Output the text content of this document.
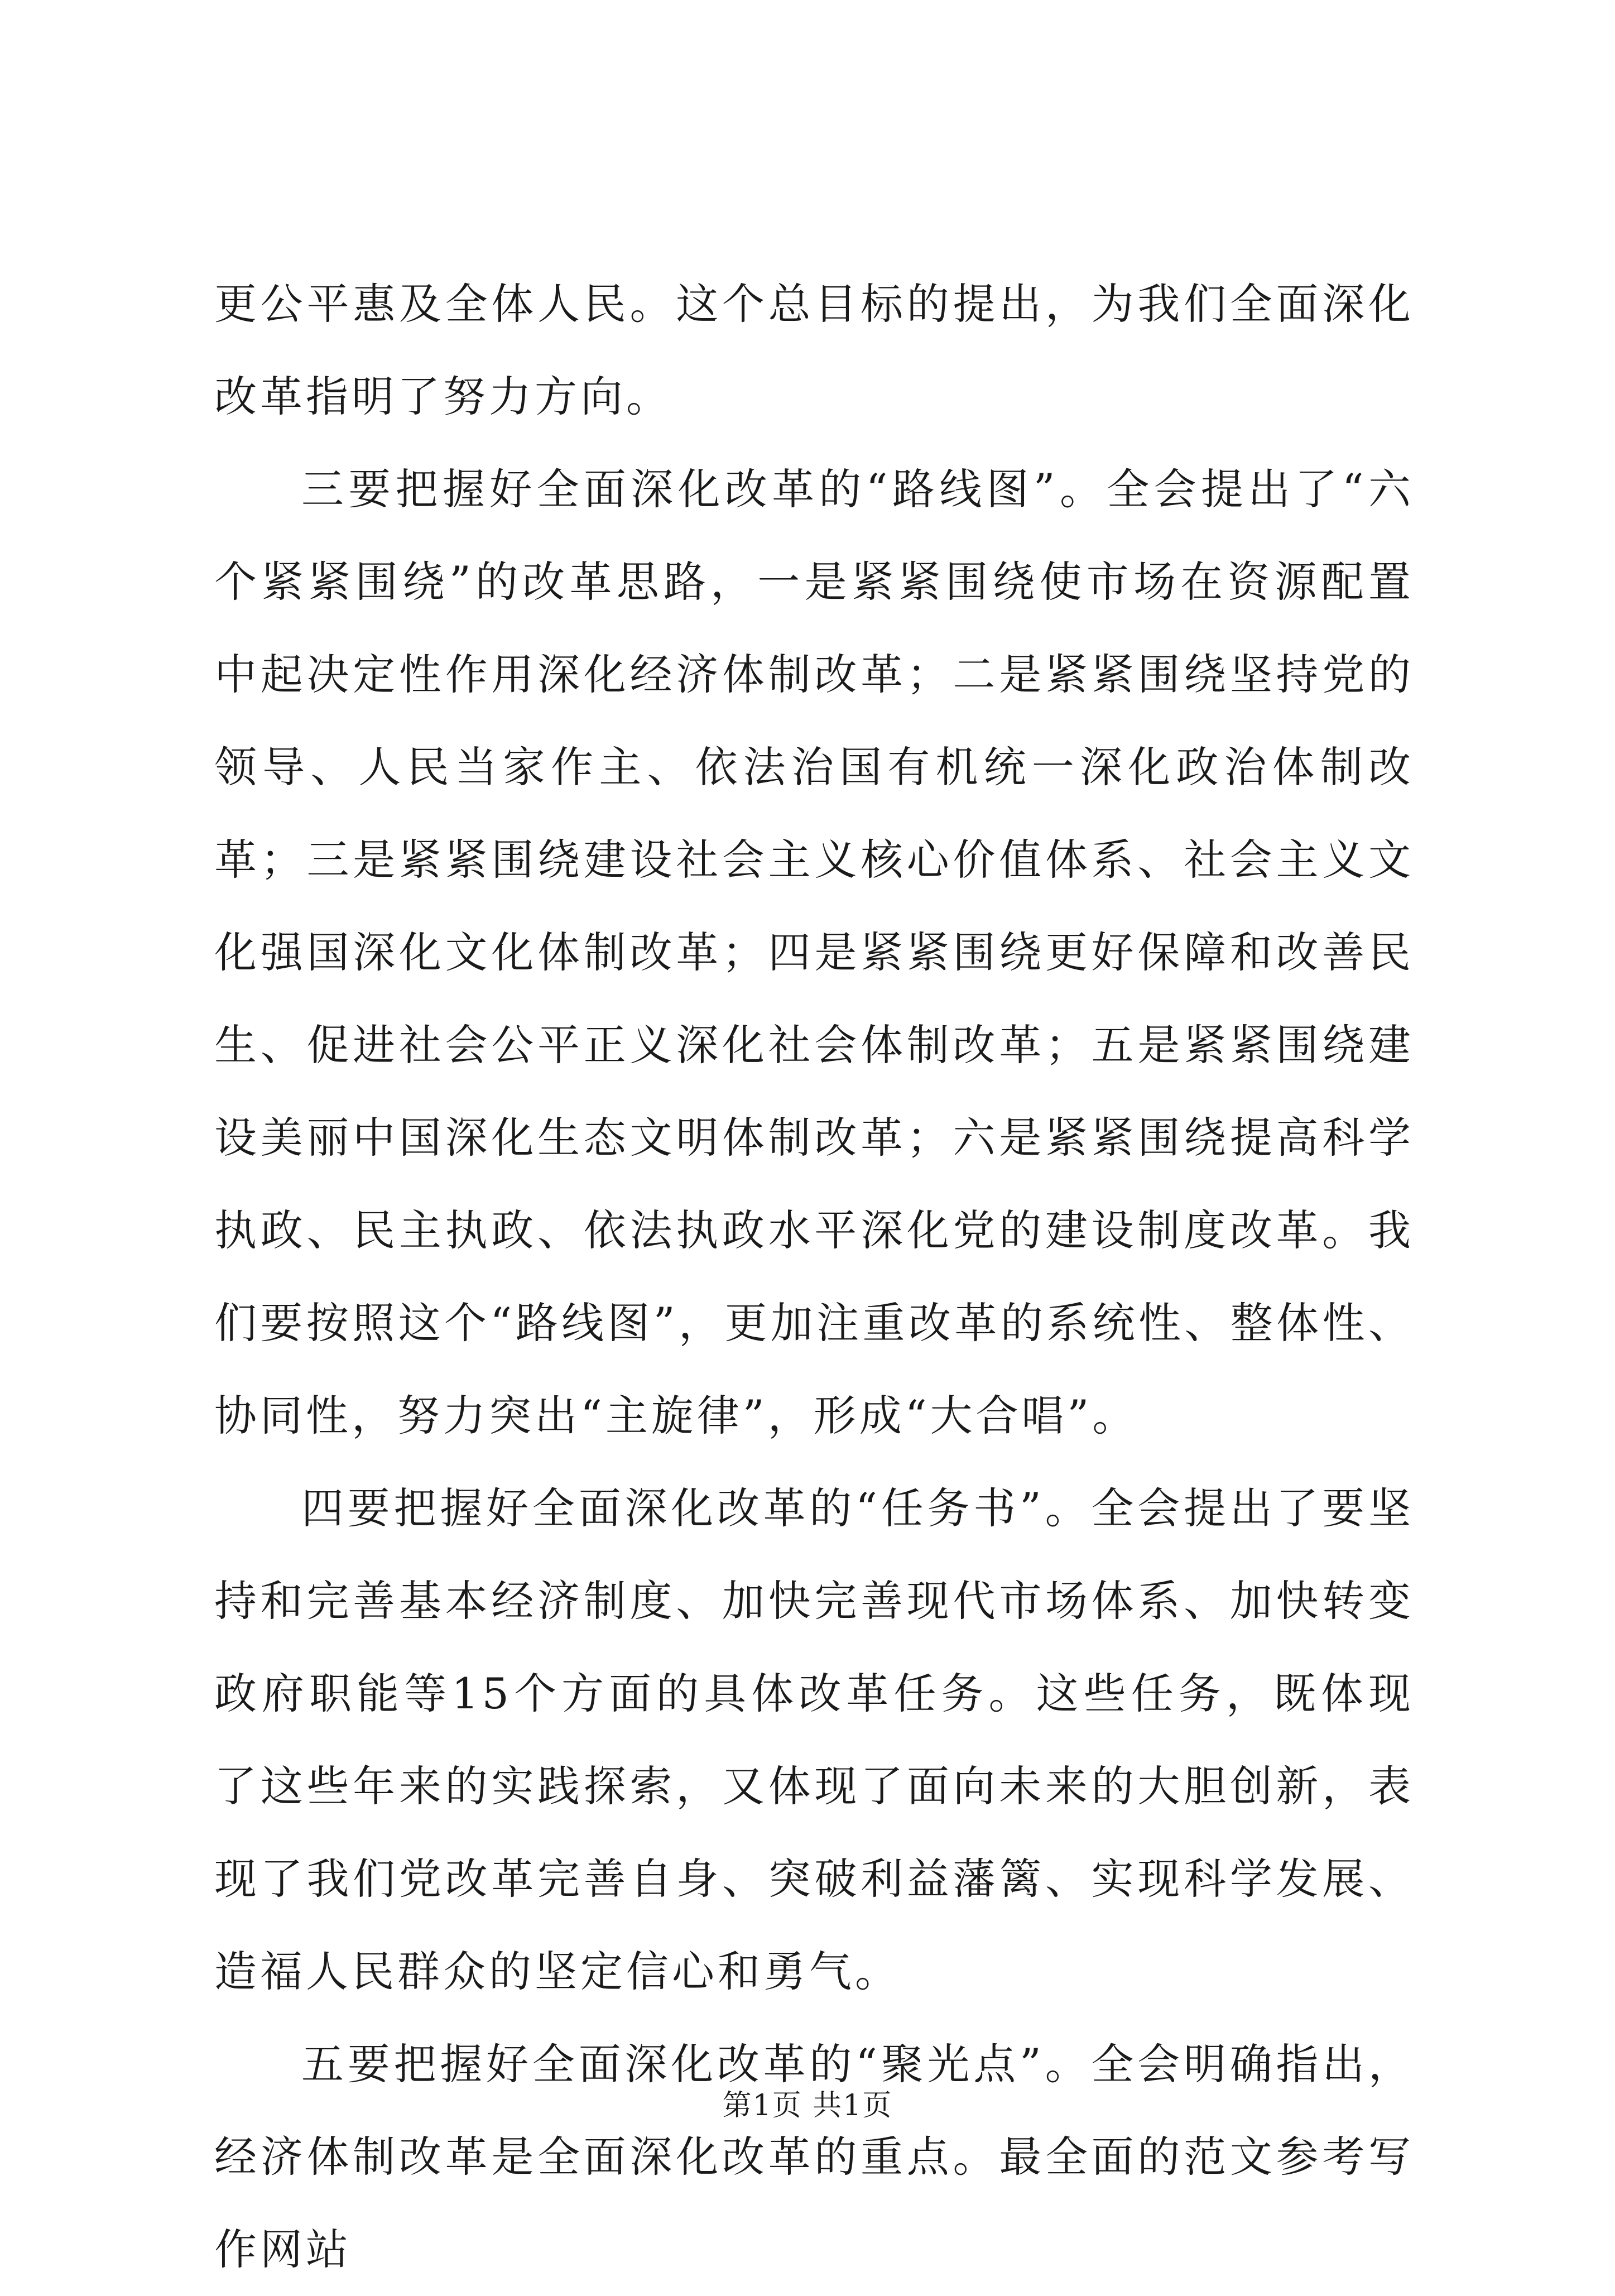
更公平惠及全体人民。这个总目标的提出，为我们全面深化改革指明了努力方向。

三要把握好全面深化改革的“路线图”。全会提出了“六个紧紧围绕”的改革思路，一是紧紧围绕使市场在资源配置中起决定性作用深化经济体制改革；二是紧紧围绕坚持党的领导、人民当家作主、依法治国有机统一深化政治体制改革；三是紧紧围绕建设社会主义核心价值体系、社会主义文化强国深化文化体制改革；四是紧紧围绕更好保障和改善民生、促进社会公平正义深化社会体制改革；五是紧紧围绕建设美丽中国深化生态文明体制改革；六是紧紧围绕提高科学执政、民主执政、依法执政水平深化党的建设制度改革。我们要按照这个“路线图”，更加注重改革的系统性、整体性、协同性，努力突出“主旋律”，形成“大合唱”。

四要把握好全面深化改革的“任务书”。全会提出了要坚持和完善基本经济制度、加快完善现代市场体系、加快转变政府职能等15个方面的具体改革任务。这些任务，既体现了这些年来的实践探索，又体现了面向未来的大胆创新，表现了我们党改革完善自身、突破利益藩篱、实现科学发展、造福人民群众的坚定信心和勇气。

五要把握好全面深化改革的“聚光点”。全会明确指出，经济体制改革是全面深化改革的重点。最全面的范文参考写作网站

第1页 共1页
